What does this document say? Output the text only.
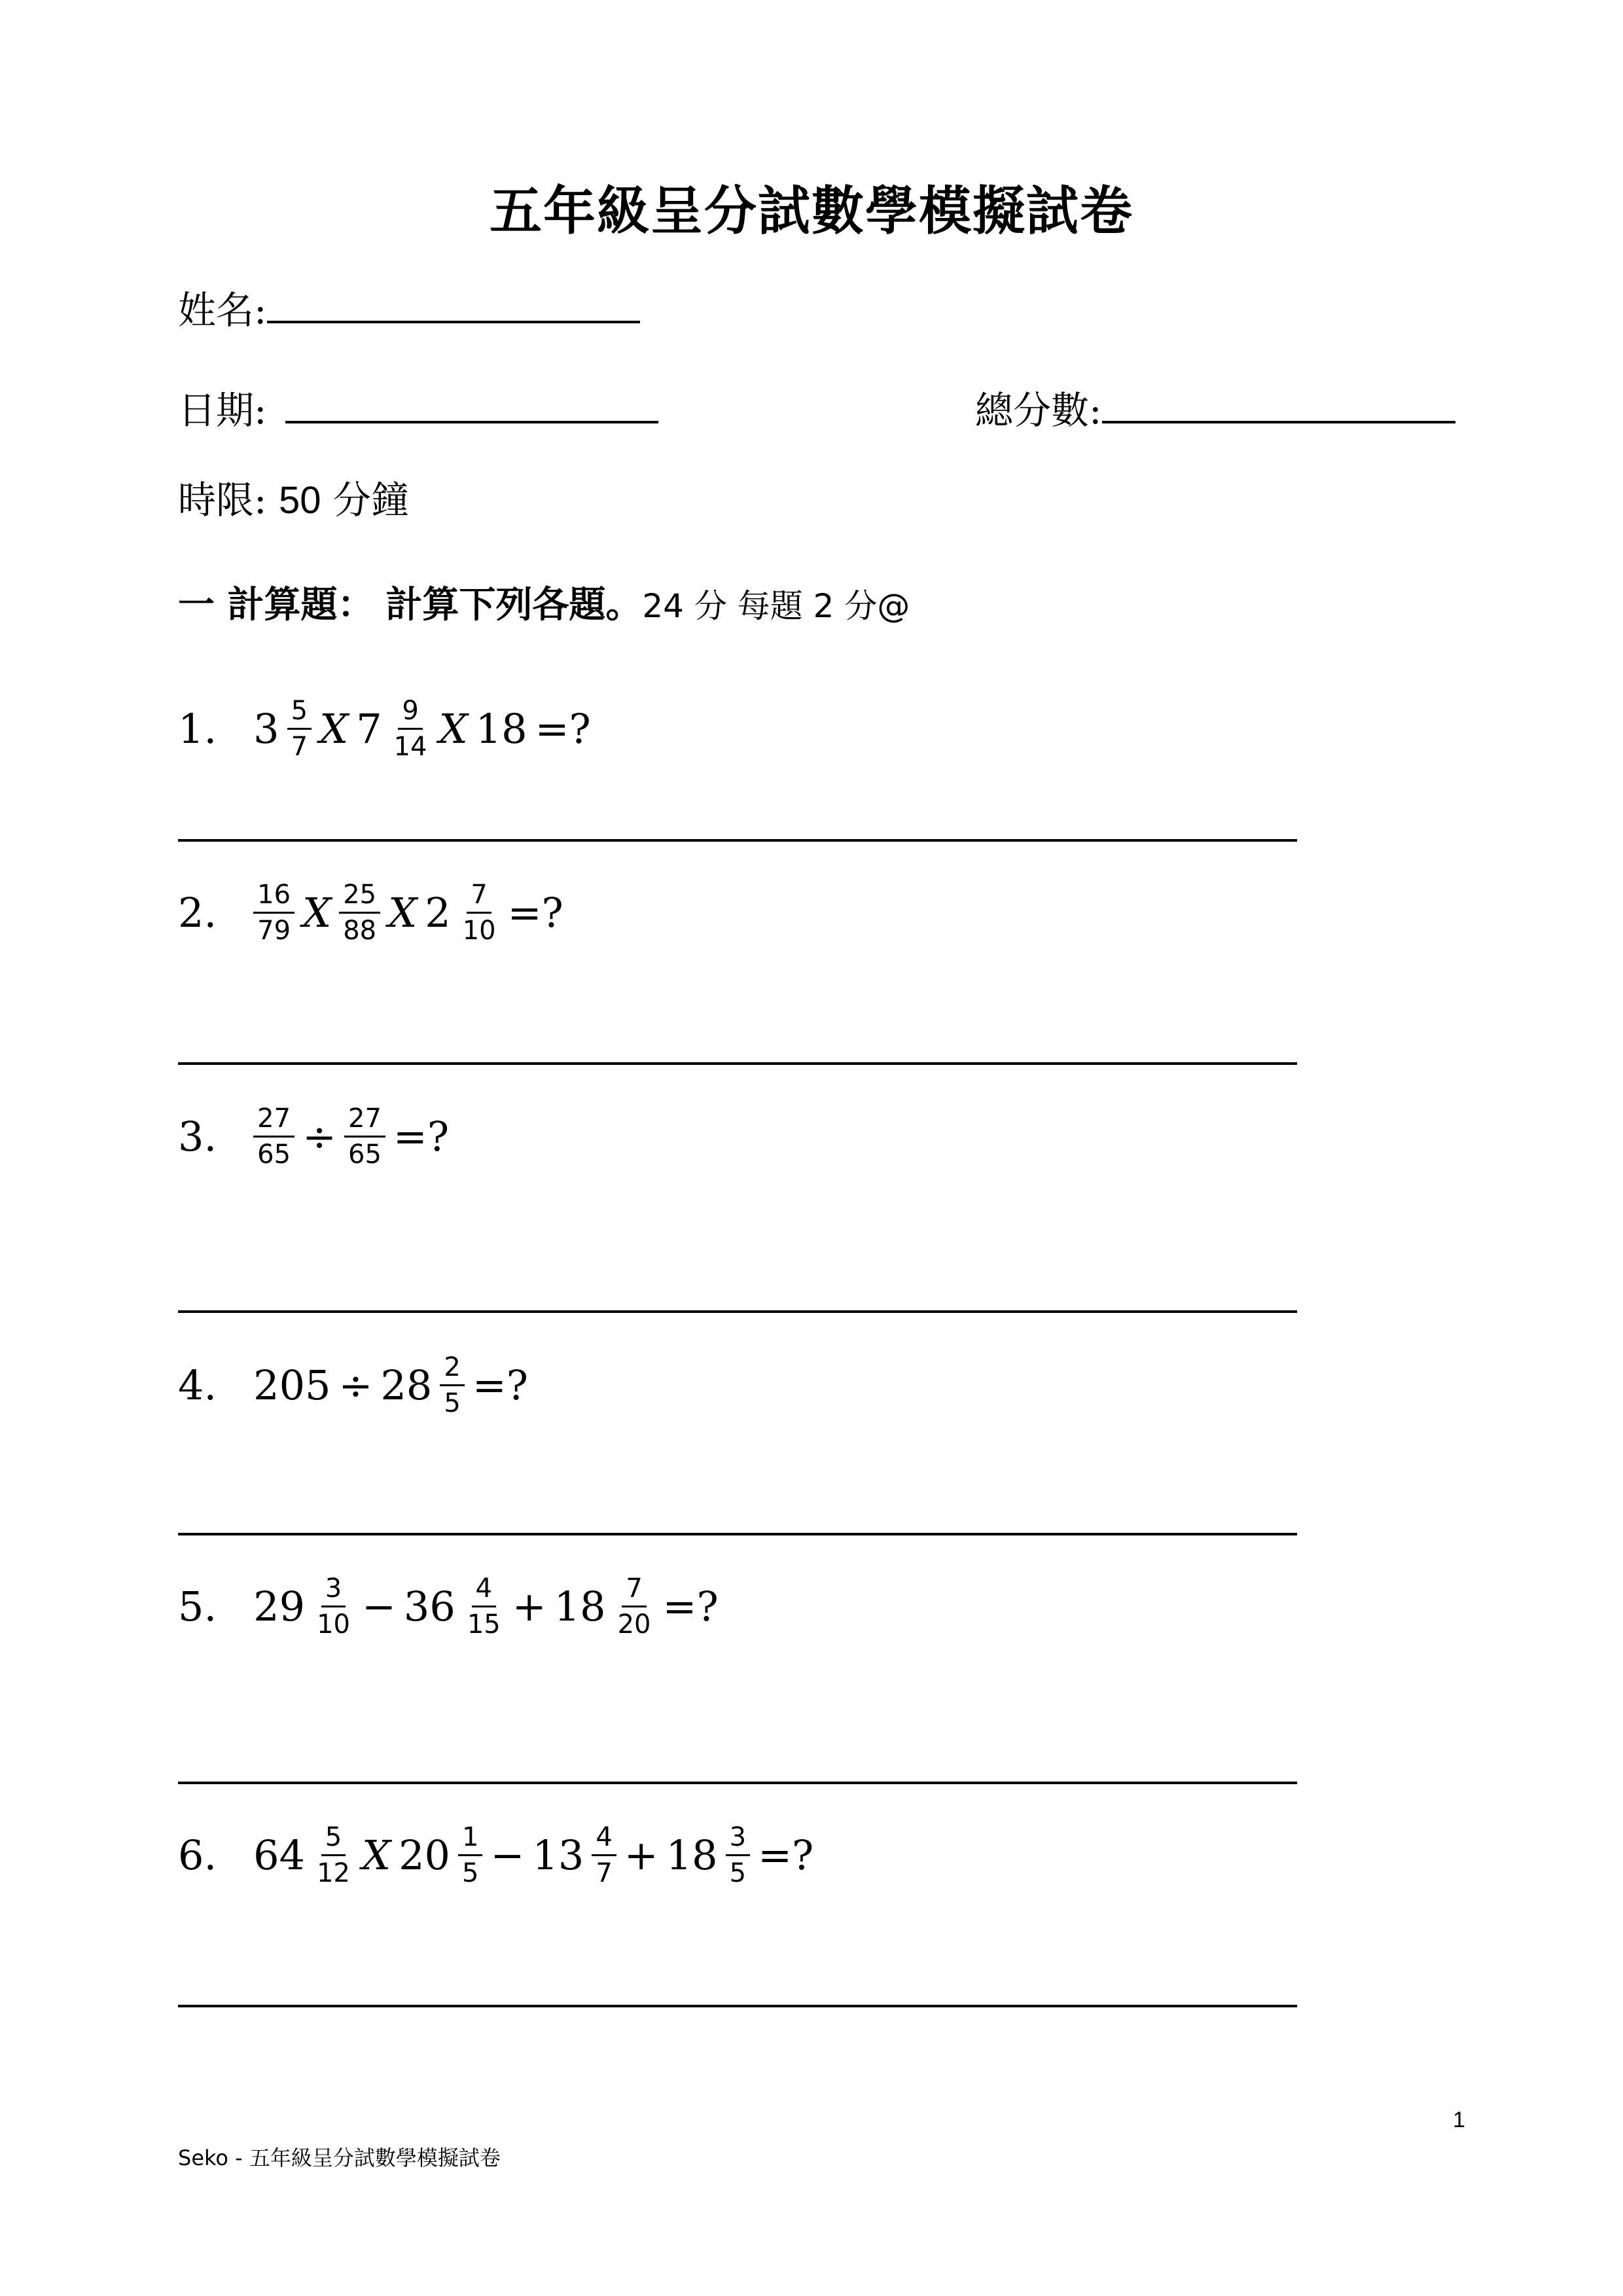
五年級呈分試數學模擬試卷
姓名:
日期:	總分數:
時限: 50 分鐘
一 計算題： 計算下列各題。24 分 每題 2 分@
1. $3 \frac{5}{7}$ X $7 \frac{9}{14}$ X 18 =?
2. $\frac{16}{79}$ X $\frac{25}{88}$ X $2 \frac{7}{10}$ =?
3. $\frac{27}{65} \div \frac{27}{65}$ =?
4. $205 \div 28 \frac{2}{5}$ =?
5. $29 \frac{3}{10} - 36 \frac{4}{15} + 18 \frac{7}{20}$ =?
6. $64 \frac{5}{12}$ X $20 \frac{1}{5} - 13 \frac{4}{7} + 18 \frac{3}{5}$ =?
1
Seko - 五年級呈分試數學模擬試卷
